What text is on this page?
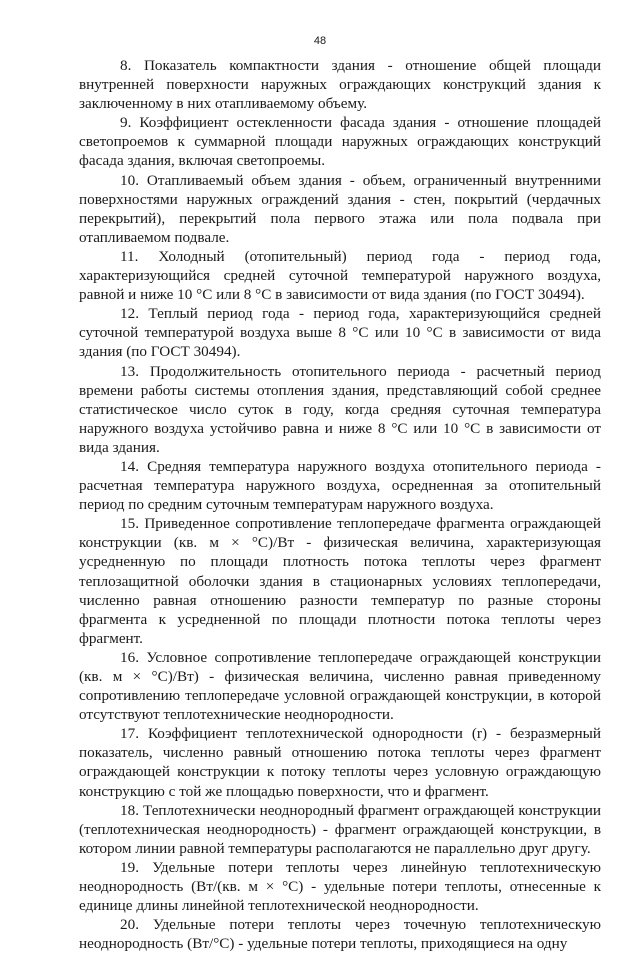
48

8. Показатель компактности здания - отношение общей площади внутренней поверхности наружных ограждающих конструкций здания к заключенному в них отапливаемому объему.

9. Коэффициент остекленности фасада здания - отношение площадей светопроемов к суммарной площади наружных ограждающих конструкций фасада здания, включая светопроемы.

10. Отапливаемый объем здания - объем, ограниченный внутренними поверхностями наружных ограждений здания - стен, покрытий (чердачных перекрытий), перекрытий пола первого этажа или пола подвала при отапливаемом подвале.

11. Холодный (отопительный) период года - период года, характеризующийся средней суточной температурой наружного воздуха, равной и ниже 10 °С или 8 °С в зависимости от вида здания (по ГОСТ 30494).

12. Теплый период года - период года, характеризующийся средней суточной температурой воздуха выше 8 °С или 10 °С в зависимости от вида здания (по ГОСТ 30494).

13. Продолжительность отопительного периода - расчетный период времени работы системы отопления здания, представляющий собой среднее статистическое число суток в году, когда средняя суточная температура наружного воздуха устойчиво равна и ниже 8 °С или 10 °С в зависимости от вида здания.

14. Средняя температура наружного воздуха отопительного периода - расчетная температура наружного воздуха, осредненная за отопительный период по средним суточным температурам наружного воздуха.

15. Приведенное сопротивление теплопередаче фрагмента ограждающей конструкции (кв. м × °С)/Вт - физическая величина, характеризующая усредненную по площади плотность потока теплоты через фрагмент теплозащитной оболочки здания в стационарных условиях теплопередачи, численно равная отношению разности температур по разные стороны фрагмента к усредненной по площади плотности потока теплоты через фрагмент.

16. Условное сопротивление теплопередаче ограждающей конструкции (кв. м × °С)/Вт) - физическая величина, численно равная приведенному сопротивлению теплопередаче условной ограждающей конструкции, в которой отсутствуют теплотехнические неоднородности.

17. Коэффициент теплотехнической однородности (r) - безразмерный показатель, численно равный отношению потока теплоты через фрагмент ограждающей конструкции к потоку теплоты через условную ограждающую конструкцию с той же площадью поверхности, что и фрагмент.

18. Теплотехнически неоднородный фрагмент ограждающей конструкции (теплотехническая неоднородность) - фрагмент ограждающей конструкции, в котором линии равной температуры располагаются не параллельно друг другу.

19. Удельные потери теплоты через линейную теплотехническую неоднородность (Вт/(кв. м × °С) - удельные потери теплоты, отнесенные к единице длины линейной теплотехнической неоднородности.

20. Удельные потери теплоты через точечную теплотехническую неоднородность (Вт/°С) - удельные потери теплоты, приходящиеся на одну
